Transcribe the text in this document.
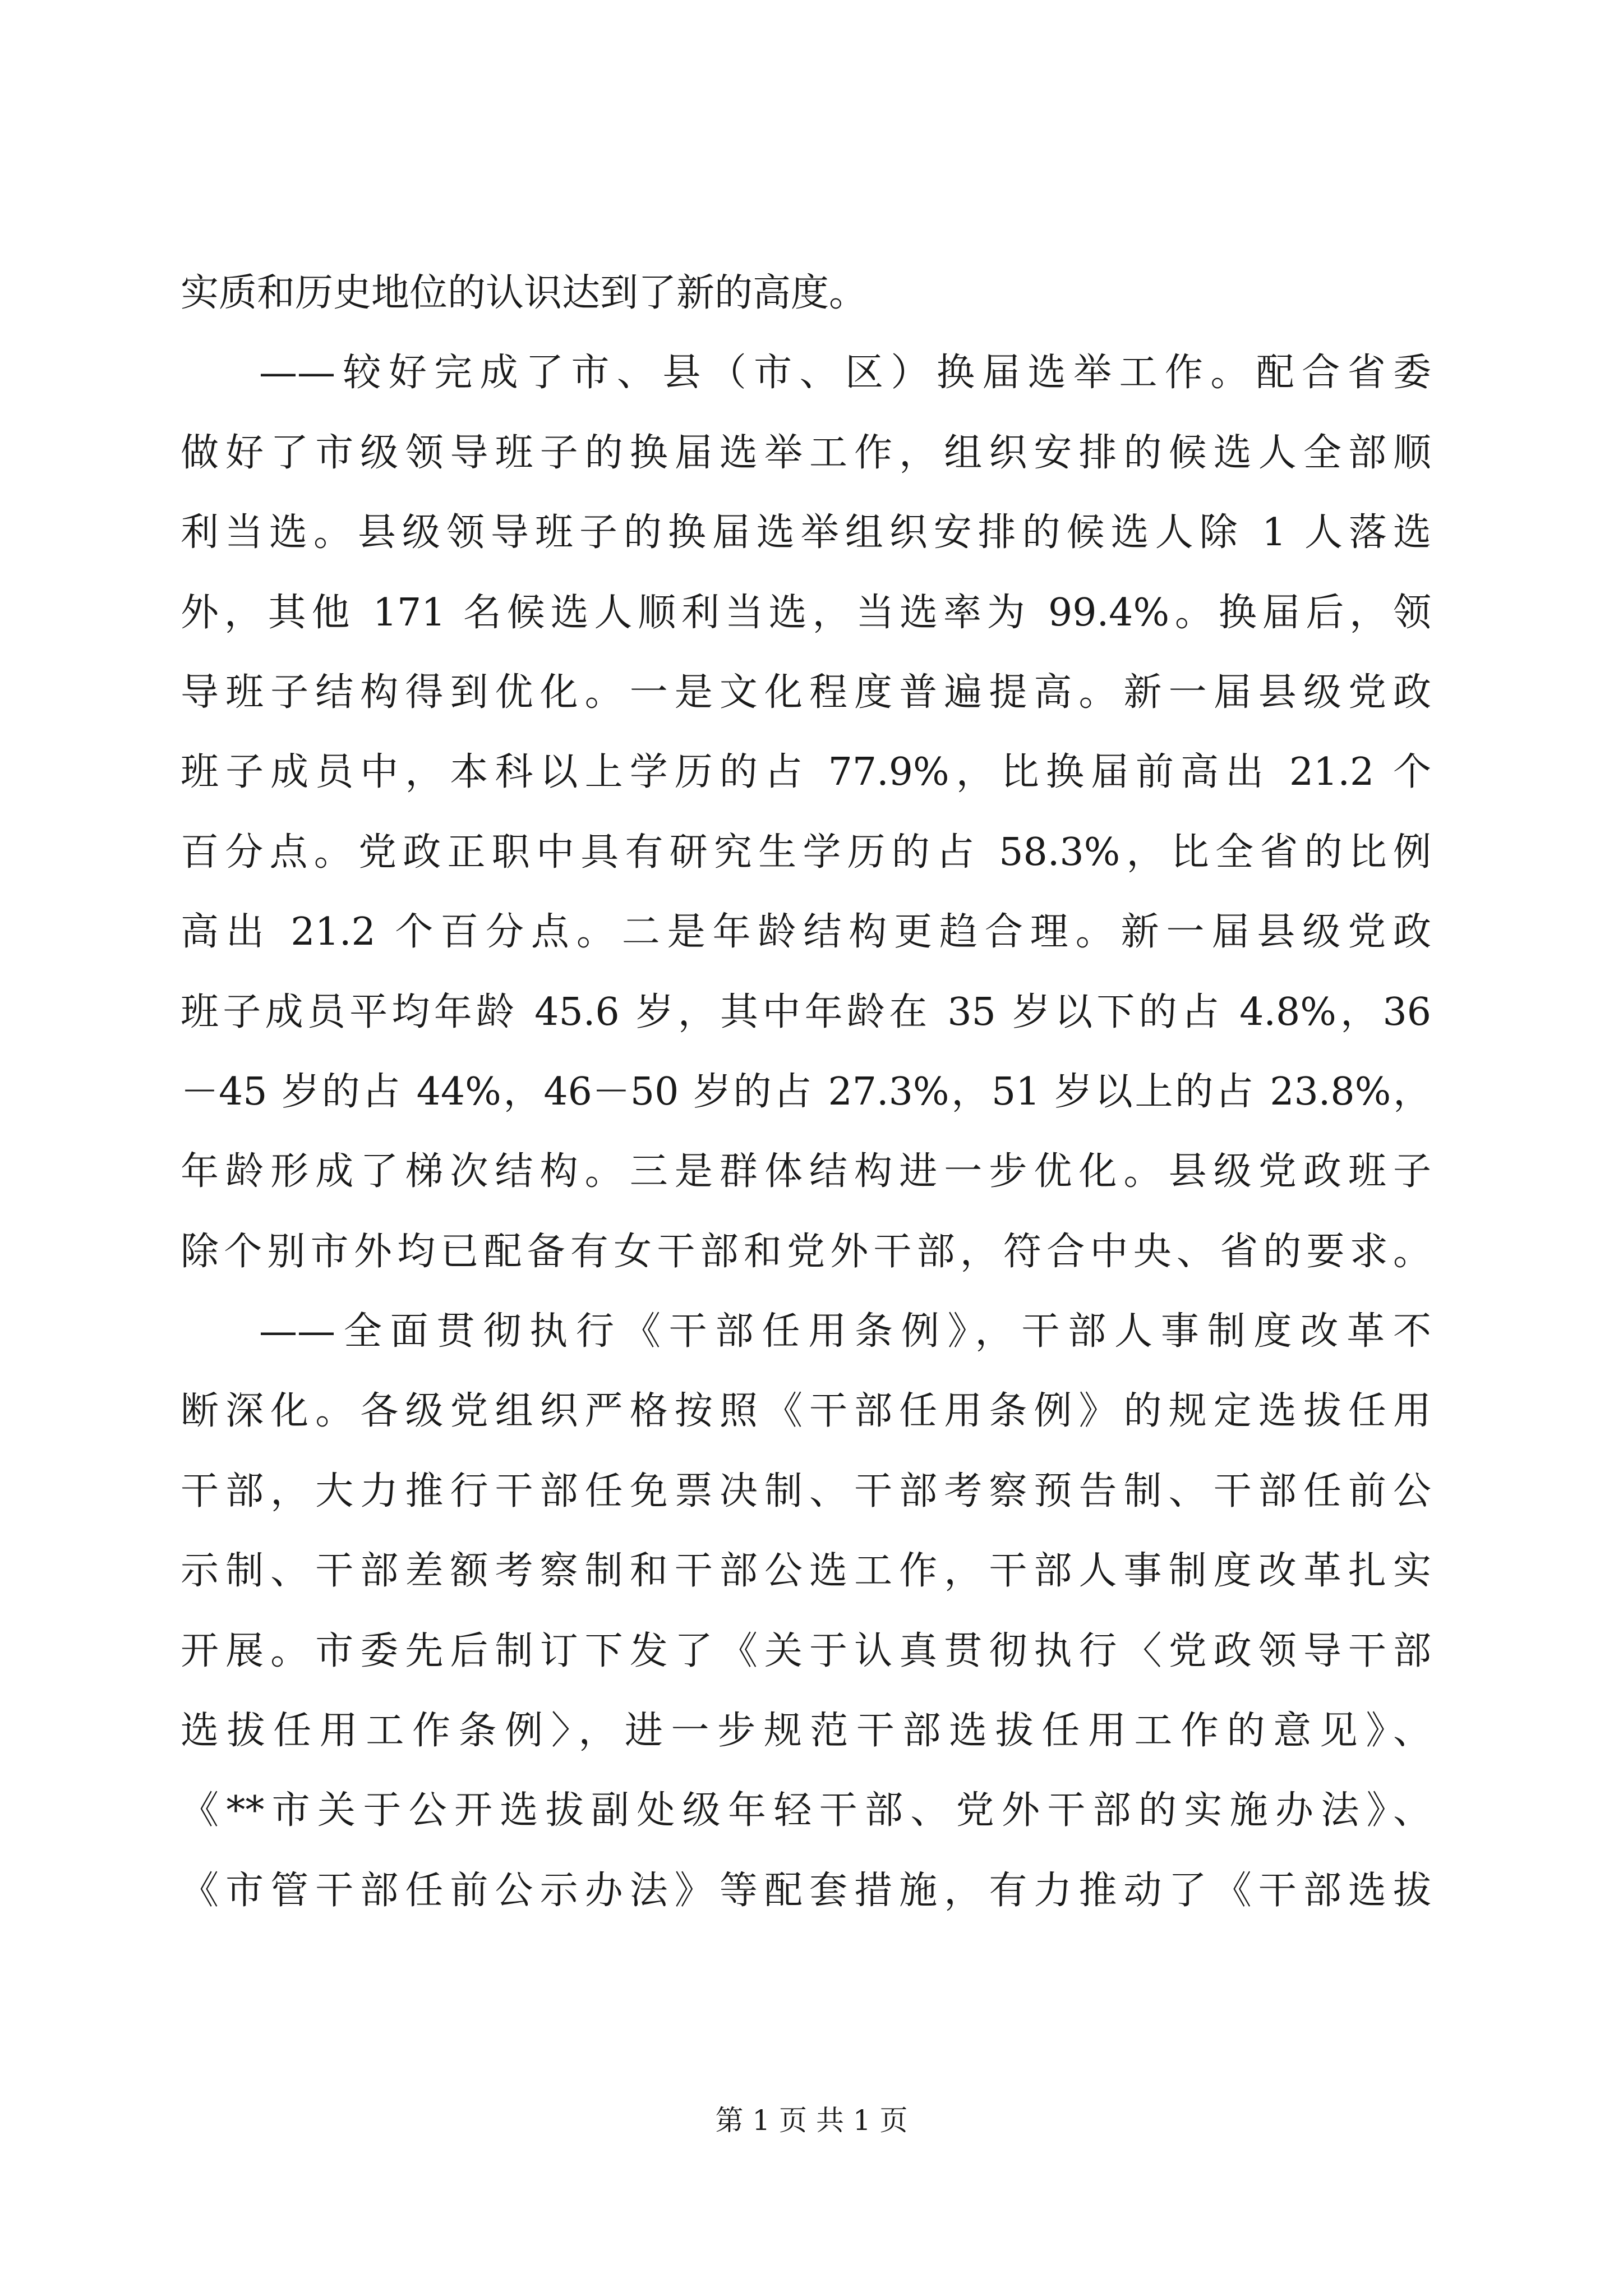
实质和历史地位的认识达到了新的高度。
——较好完成了市、县（市、区）换届选举工作。配合省委
做好了市级领导班子的换届选举工作，组织安排的候选人全部顺
利当选。县级领导班子的换届选举组织安排的候选人除 1 人落选
外，其他 171 名候选人顺利当选，当选率为 99.4%。换届后，领
导班子结构得到优化。一是文化程度普遍提高。新一届县级党政
班子成员中，本科以上学历的占 77.9%，比换届前高出 21.2 个
百分点。党政正职中具有研究生学历的占 58.3%，比全省的比例
高出 21.2 个百分点。二是年龄结构更趋合理。新一届县级党政
班子成员平均年龄 45.6 岁，其中年龄在 35 岁以下的占 4.8%，36
－45 岁的占 44%，46－50 岁的占 27.3%，51 岁以上的占 23.8%，
年龄形成了梯次结构。三是群体结构进一步优化。县级党政班子
除个别市外均已配备有女干部和党外干部，符合中央、省的要求。
——全面贯彻执行《干部任用条例》，干部人事制度改革不
断深化。各级党组织严格按照《干部任用条例》的规定选拔任用
干部，大力推行干部任免票决制、干部考察预告制、干部任前公
示制、干部差额考察制和干部公选工作，干部人事制度改革扎实
开展。市委先后制订下发了《关于认真贯彻执行〈党政领导干部
选拔任用工作条例〉，进一步规范干部选拔任用工作的意见》、
《**市关于公开选拔副处级年轻干部、党外干部的实施办法》、
《市管干部任前公示办法》等配套措施，有力推动了《干部选拔
第 1 页 共 1 页
